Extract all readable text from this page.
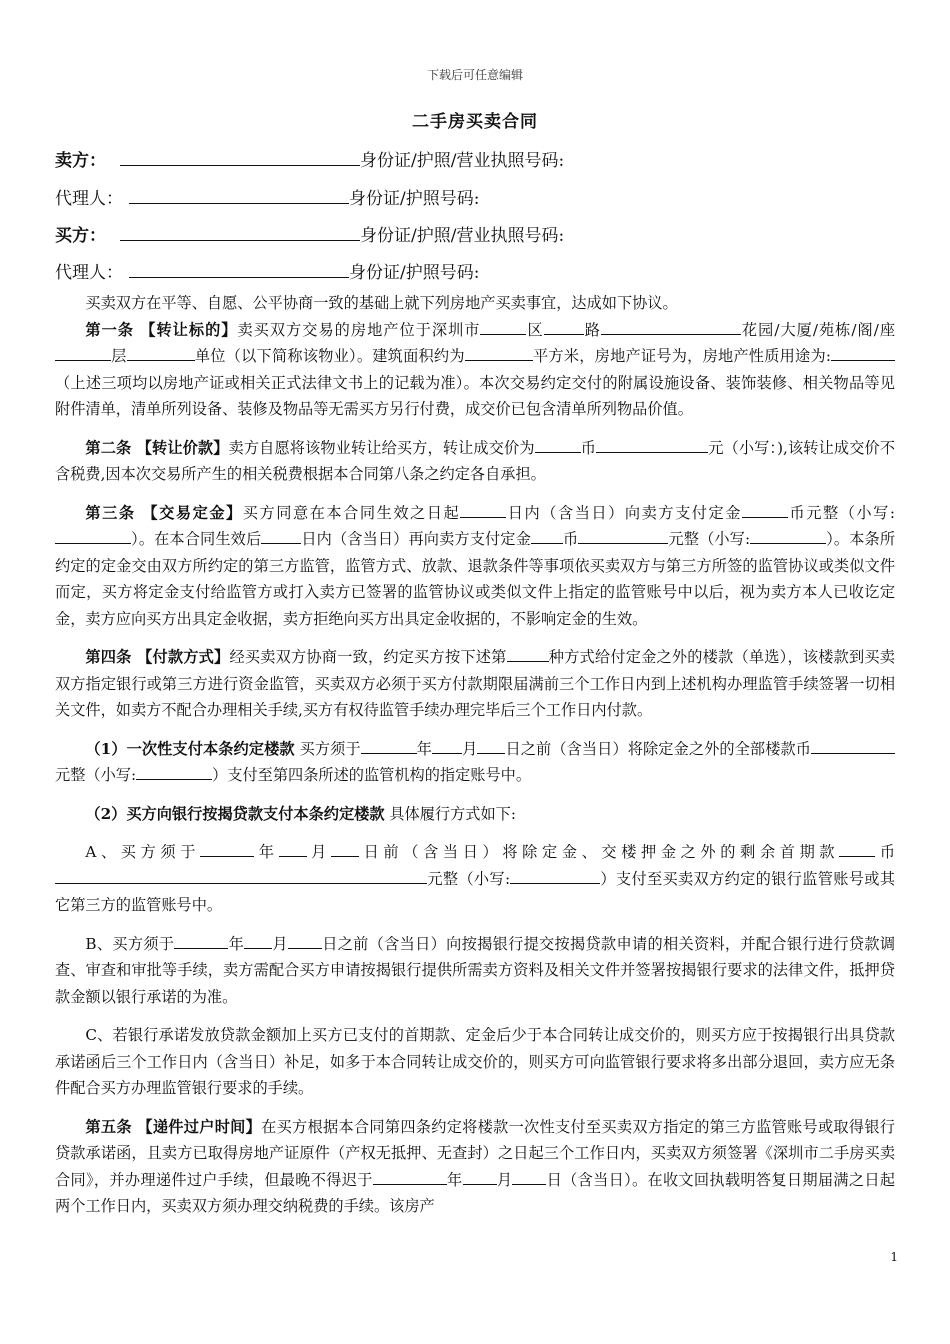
下载后可任意编辑
二手房买卖合同
卖方：	身份证/护照/营业执照号码:
代理人：	身份证/护照号码:
买方：	身份证/护照/营业执照号码:
代理人：	身份证/护照号码:

买卖双方在平等、自愿、公平协商一致的基础上就下列房地产买卖事宜，达成如下协议。

第一条 【转让标的】卖买双方交易的房地产位于深圳市	区	路	花园/大厦/苑栋/阁/座层	单位（以下简称该物业）。建筑面积约为	平方米，房地产证号为，房地产性质用途为:（上述三项均以房地产证或相关正式法律文书上的记载为准）。本次交易约定交付的附属设施设备、装饰装修、相关物品等见附件清单，清单所列设备、装修及物品等无需买方另行付费，成交价已包含清单所列物品价值。

第二条 【转让价款】卖方自愿将该物业转让给买方，转让成交价为	币	元（小写：),该转让成交价不含税费,因本次交易所产生的相关税费根据本合同第八条之约定各自承担。

第三条 【交易定金】买方同意在本合同生效之日起	日内（含当日）向卖方支付定金	币元整（小写:）。在本合同生效后	日内（含当日）再向卖方支付定金 币	元整（小写:	）。本条所约定的定金交由双方所约定的第三方监管，监管方式、放款、退款条件等事项依买卖双方与第三方所签的监管协议或类似文件而定，买方将定金支付给监管方或打入卖方已签署的监管协议或类似文件上指定的监管账号中以后，视为卖方本人已收讫定金，卖方应向买方出具定金收据，卖方拒绝向买方出具定金收据的，不影响定金的生效。

第四条 【付款方式】经买卖双方协商一致，约定买方按下述第	种方式给付定金之外的楼款（单选），该楼款到买卖双方指定银行或第三方进行资金监管，买卖双方必须于买方付款期限届满前三个工作日内到上述机构办理监管手续签署一切相关文件，如卖方不配合办理相关手续,买方有权待监管手续办理完毕后三个工作日内付款。

（1）一次性支付本条约定楼款 买方须于	年 月 日之前（含当日）将除定金之外的全部楼款币元整（小写:	）支付至第四条所述的监管机构的指定账号中。

（2）买方向银行按揭贷款支付本条约定楼款 具体履行方式如下:

A、买方须于	年 月 日前（含当日）将除定金、交楼押金之外的剩余首期款 币元整（小写:	）支付至买卖双方约定的银行监管账号或其它第三方的监管账号中。

B、买方须于	年 月 日之前（含当日）向按揭银行提交按揭贷款申请的相关资料，并配合银行进行贷款调查、审查和审批等手续，卖方需配合买方申请按揭银行提供所需卖方资料及相关文件并签署按揭银行要求的法律文件，抵押贷款金额以银行承诺的为准。

C、若银行承诺发放贷款金额加上买方已支付的首期款、定金后少于本合同转让成交价的，则买方应于按揭银行出具贷款承诺函后三个工作日内（含当日）补足，如多于本合同转让成交价的，则买方可向监管银行要求将多出部分退回，卖方应无条件配合买方办理监管银行要求的手续。

第五条 【递件过户时间】在买方根据本合同第四条约定将楼款一次性支付至买卖双方指定的第三方监管账号或取得银行贷款承诺函，且卖方已取得房地产证原件（产权无抵押、无查封）之日起三个工作日内，买卖双方须签署《深圳市二手房买卖合同》，并办理递件过户手续，但最晚不得迟于	年 月 日（含当日）。在收文回执载明答复日期届满之日起两个工作日内，买卖双方须办理交纳税费的手续。该房产

1
